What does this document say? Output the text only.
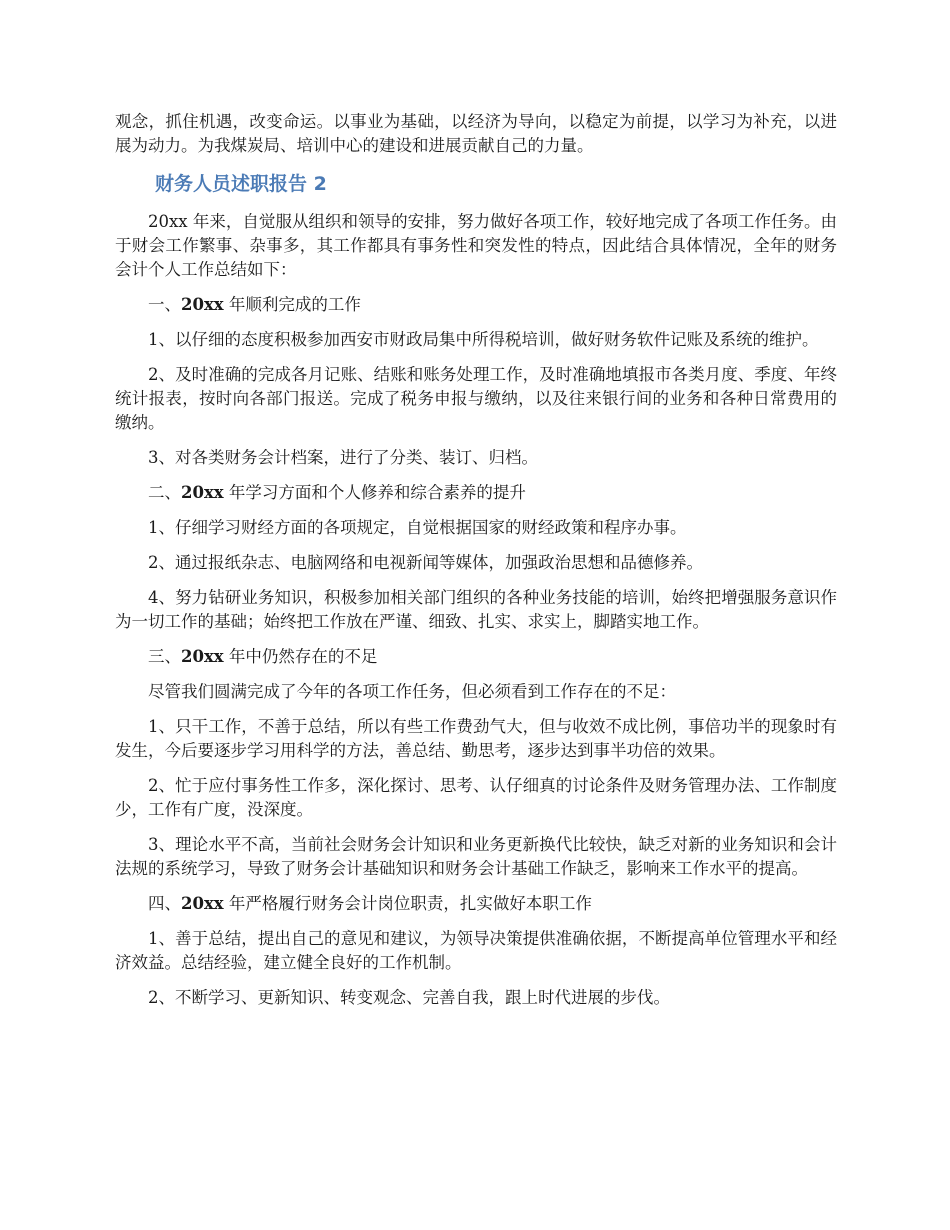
观念，抓住机遇，改变命运。以事业为基础，以经济为导向，以稳定为前提，以学习为补充，以进展为动力。为我煤炭局、培训中心的建设和进展贡献自己的力量。

财务人员述职报告 2

20xx 年来，自觉服从组织和领导的安排，努力做好各项工作，较好地完成了各项工作任务。由于财会工作繁事、杂事多，其工作都具有事务性和突发性的特点，因此结合具体情况，全年的财务会计个人工作总结如下：

一、20xx 年顺利完成的工作

1、以仔细的态度积极参加西安市财政局集中所得税培训，做好财务软件记账及系统的维护。

2、及时准确的完成各月记账、结账和账务处理工作，及时准确地填报市各类月度、季度、年终统计报表，按时向各部门报送。完成了税务申报与缴纳，以及往来银行间的业务和各种日常费用的缴纳。

3、对各类财务会计档案，进行了分类、装订、归档。

二、20xx 年学习方面和个人修养和综合素养的提升

1、仔细学习财经方面的各项规定，自觉根据国家的财经政策和程序办事。

2、通过报纸杂志、电脑网络和电视新闻等媒体，加强政治思想和品德修养。

4、努力钻研业务知识，积极参加相关部门组织的各种业务技能的培训，始终把增强服务意识作为一切工作的基础；始终把工作放在严谨、细致、扎实、求实上，脚踏实地工作。

三、20xx 年中仍然存在的不足

尽管我们圆满完成了今年的各项工作任务，但必须看到工作存在的不足：

1、只干工作，不善于总结，所以有些工作费劲气大，但与收效不成比例，事倍功半的现象时有发生，今后要逐步学习用科学的方法，善总结、勤思考，逐步达到事半功倍的效果。

2、忙于应付事务性工作多，深化探讨、思考、认仔细真的讨论条件及财务管理办法、工作制度少，工作有广度，没深度。

3、理论水平不高，当前社会财务会计知识和业务更新换代比较快，缺乏对新的业务知识和会计法规的系统学习，导致了财务会计基础知识和财务会计基础工作缺乏，影响来工作水平的提高。

四、20xx 年严格履行财务会计岗位职责，扎实做好本职工作

1、善于总结，提出自己的意见和建议，为领导决策提供准确依据，不断提高单位管理水平和经济效益。总结经验，建立健全良好的工作机制。

2、不断学习、更新知识、转变观念、完善自我，跟上时代进展的步伐。
